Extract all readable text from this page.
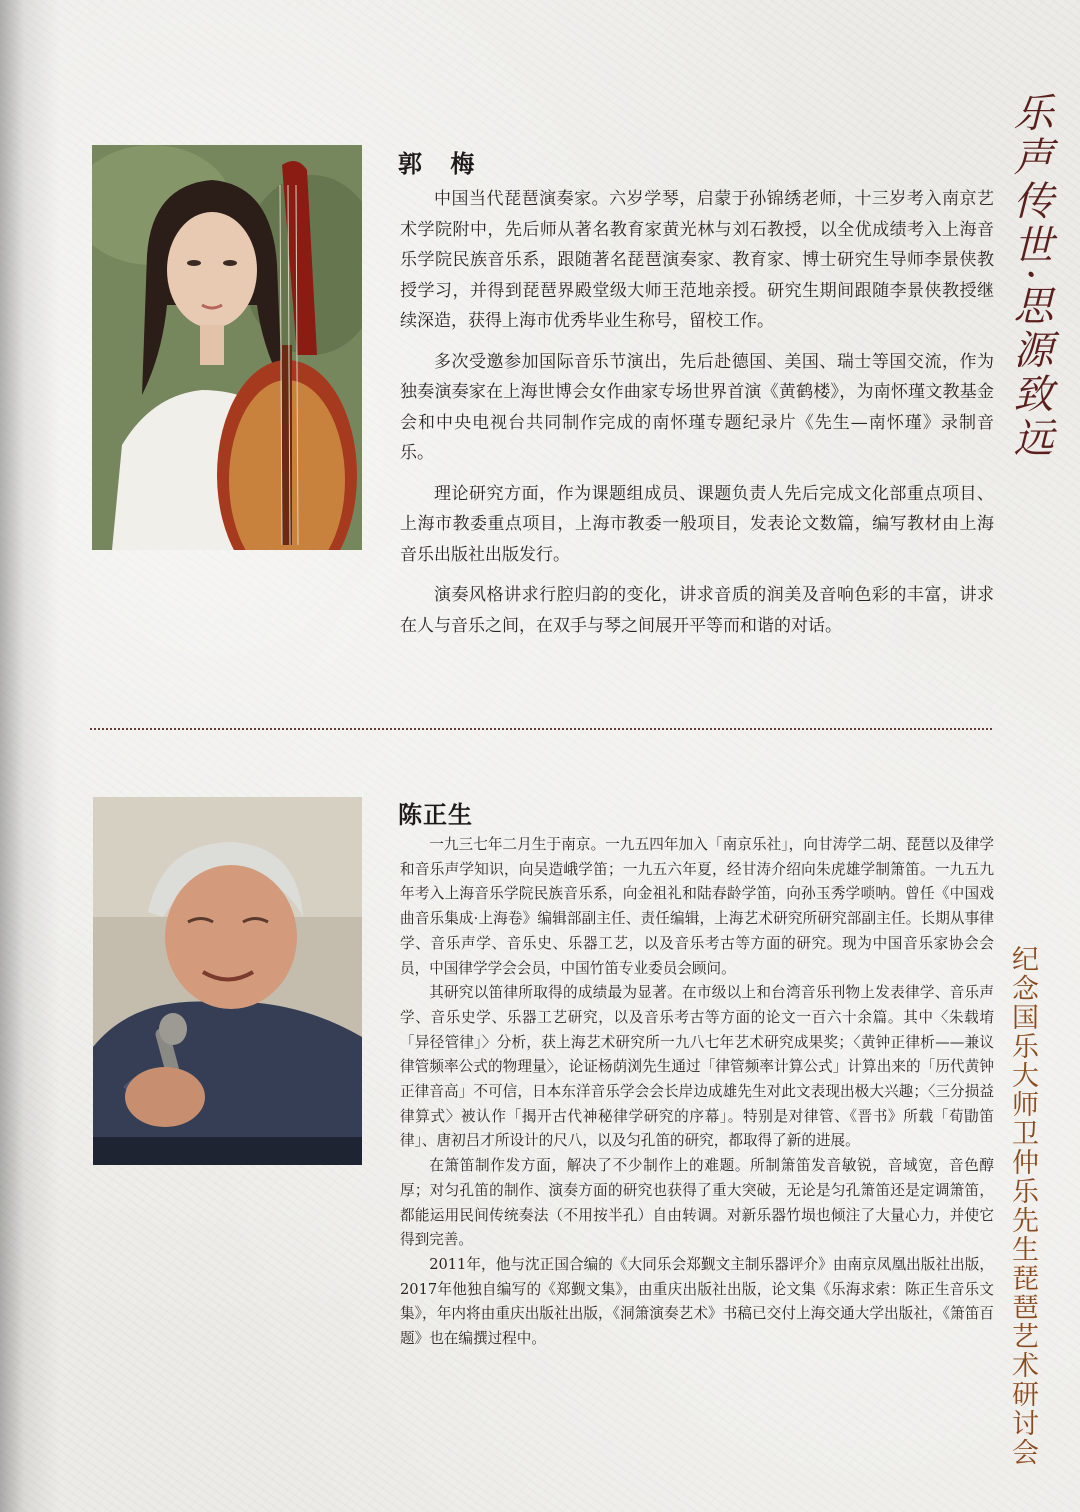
郭 梅

中国当代琵琶演奏家。六岁学琴，启蒙于孙锦绣老师，十三岁考入南京艺术学院附中，先后师从著名教育家黄光林与刘石教授，以全优成绩考入上海音乐学院民族音乐系，跟随著名琵琶演奏家、教育家、博士研究生导师李景侠教授学习，并得到琵琶界殿堂级大师王范地亲授。研究生期间跟随李景侠教授继续深造，获得上海市优秀毕业生称号，留校工作。

多次受邀参加国际音乐节演出，先后赴德国、美国、瑞士等国交流，作为独奏演奏家在上海世博会女作曲家专场世界首演《黄鹤楼》，为南怀瑾文教基金会和中央电视台共同制作完成的南怀瑾专题纪录片《先生—南怀瑾》录制音乐。

理论研究方面，作为课题组成员、课题负责人先后完成文化部重点项目、上海市教委重点项目，上海市教委一般项目，发表论文数篇，编写教材由上海音乐出版社出版发行。

演奏风格讲求行腔归韵的变化，讲求音质的润美及音响色彩的丰富，讲求在人与音乐之间，在双手与琴之间展开平等而和谐的对话。

陈正生

一九三七年二月生于南京。一九五四年加入「南京乐社」，向甘涛学二胡、琵琶以及律学和音乐声学知识，向吴造峨学笛；一九五六年夏，经甘涛介绍向朱虎雄学制箫笛。一九五九年考入上海音乐学院民族音乐系，向金祖礼和陆春龄学笛，向孙玉秀学唢呐。曾任《中国戏曲音乐集成·上海卷》编辑部副主任、责任编辑，上海艺术研究所研究部副主任。长期从事律学、音乐声学、音乐史、乐器工艺，以及音乐考古等方面的研究。现为中国音乐家协会会员，中国律学学会会员，中国竹笛专业委员会顾问。

其研究以笛律所取得的成绩最为显著。在市级以上和台湾音乐刊物上发表律学、音乐声学、音乐史学、乐器工艺研究，以及音乐考古等方面的论文一百六十余篇。其中〈朱载堉「异径管律」〉分析，获上海艺术研究所一九八七年艺术研究成果奖；〈黄钟正律析——兼议律管频率公式的物理量〉，论证杨荫浏先生通过「律管频率计算公式」计算出来的「历代黄钟正律音高」不可信，日本东洋音乐学会会长岸边成雄先生对此文表现出极大兴趣；〈三分损益律算式〉被认作「揭开古代神秘律学研究的序幕」。特别是对律管、《晋书》所载「荀勖笛律」、唐初吕才所设计的尺八，以及匀孔笛的研究，都取得了新的进展。

在箫笛制作发方面，解决了不少制作上的难题。所制箫笛发音敏锐，音域宽，音色醇厚；对匀孔笛的制作、演奏方面的研究也获得了重大突破，无论是匀孔箫笛还是定调箫笛，都能运用民间传统奏法（不用按半孔）自由转调。对新乐器竹埙也倾注了大量心力，并使它得到完善。

2011年，他与沈正国合编的《大同乐会郑觐文主制乐器评介》由南京凤凰出版社出版，2017年他独自编写的《郑觐文集》，由重庆出版社出版，论文集《乐海求索：陈正生音乐文集》，年内将由重庆出版社出版，《洞箫演奏艺术》书稿已交付上海交通大学出版社，《箫笛百题》也在编撰过程中。

乐声传世·思源致远
纪念国乐大师卫仲乐先生琵琶艺术研讨会
